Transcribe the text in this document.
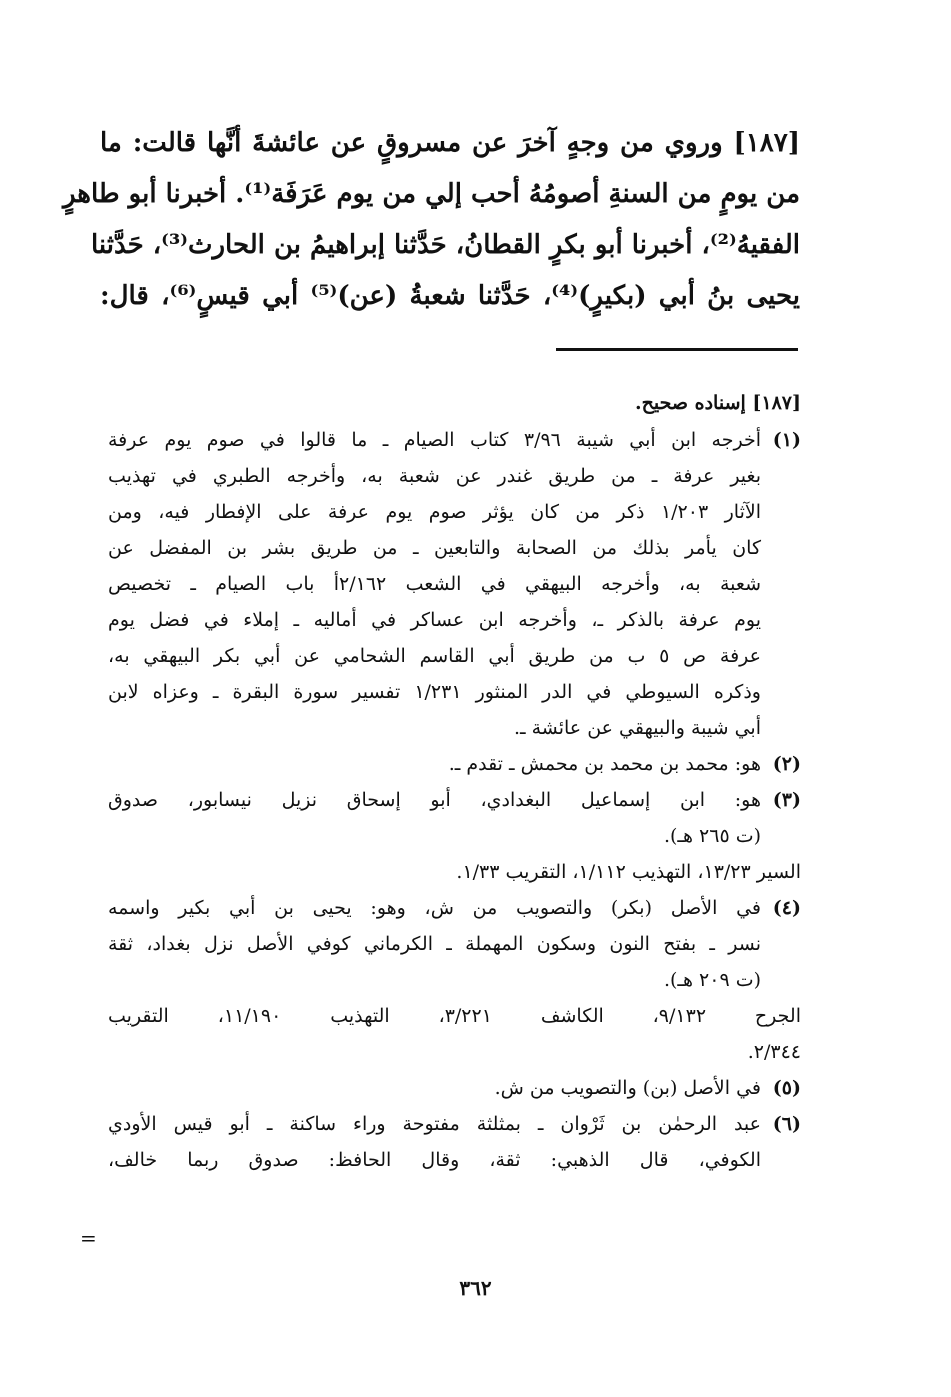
[١٨٧] وروي من وجهٍ آخرَ عن مسروقٍ عن عائشةَ أنَّها قالت: ما
من يومٍ من السنةِ أصومُهُ أحب إلي من يوم عَرَفَة⁽¹⁾. أخبرنا أبو طاهرٍ
الفقيهُ⁽²⁾، أخبرنا أبو بكرٍ القطانُ، حَدَّثنا إبراهيمُ بن الحارث⁽³⁾، حَدَّثنا
يحيى بنُ أبي (بكيرٍ)⁽⁴⁾، حَدَّثنا شعبةُ (عن)⁽⁵⁾ أبي قيسٍ⁽⁶⁾، قال:
[١٨٧] إسناده صحيح.
(١)
أخرجه ابن أبي شيبة ٣/٩٦ كتاب الصيام ـ ما قالوا في صوم يوم عرفة
بغير عرفة ـ من طريق غندر عن شعبة به، وأخرجه الطبري في تهذيب
الآثار ١/٢٠٣ ذكر من كان يؤثر صوم يوم عرفة على الإفطار فيه، ومن
كان يأمر بذلك من الصحابة والتابعين ـ من طريق بشر بن المفضل عن
شعبة به، وأخرجه البيهقي في الشعب ٢/١٦٢أ باب الصيام ـ تخصيص
يوم عرفة بالذكر ـ، وأخرجه ابن عساكر في أماليه ـ إملاء في فضل يوم
عرفة ص ٥ ب من طريق أبي القاسم الشحامي عن أبي بكر البيهقي به،
وذكره السيوطي في الدر المنثور ١/٢٣١ تفسير سورة البقرة ـ وعزاه لابن
أبي شيبة والبيهقي عن عائشة ـ.
(٢)
هو: محمد بن محمد بن محمش ـ تقدم ـ.
(٣)
هو: ابن إسماعيل البغدادي، أبو إسحاق نزيل نيسابور، صدوق
(ت ٢٦٥ هـ).
السير ١٣/٢٣، التهذيب ١/١١٢، التقريب ١/٣٣.
(٤)
في الأصل (بكر) والتصويب من ش، وهو: يحيى بن أبي بكير واسمه
نسر ـ بفتح النون وسكون المهملة ـ الكرماني كوفي الأصل نزل بغداد، ثقة
(ت ٢٠٩ هـ).
الجرح ٩/١٣٢، الكاشف ٣/٢٢١، التهذيب ١١/١٩٠، التقريب
٢/٣٤٤.
(٥)
في الأصل (بن) والتصويب من ش.
(٦)
عبد الرحمٰن بن ثَرْوان ـ بمثلثة مفتوحة وراء ساكنة ـ أبو قيس الأودي
الكوفي، قال الذهبي: ثقة، وقال الحافظ: صدوق ربما خالف،
=
٣٦٢
